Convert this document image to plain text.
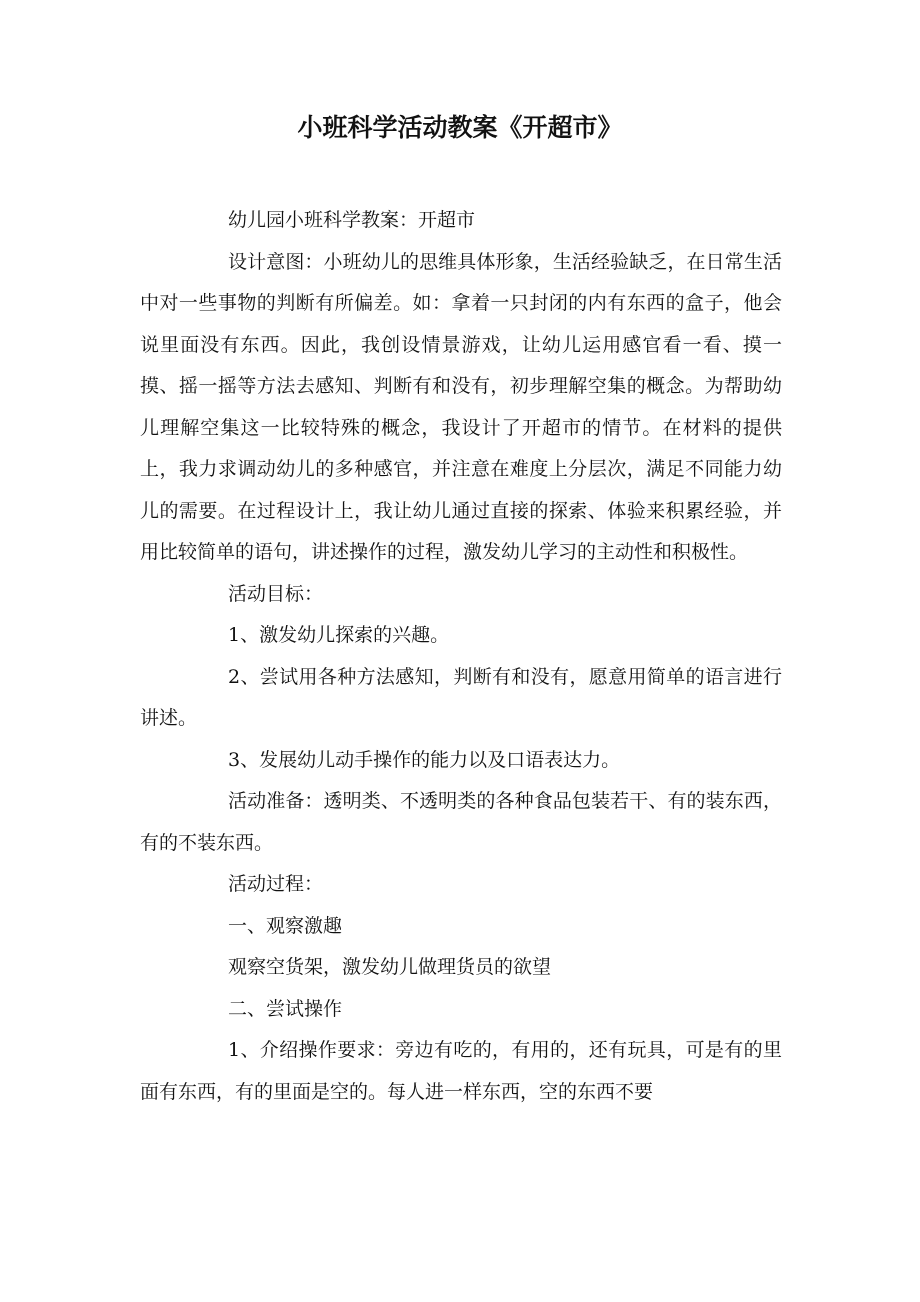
小班科学活动教案《开超市》

幼儿园小班科学教案：开超市

设计意图：小班幼儿的思维具体形象，生活经验缺乏，在日常生活中对一些事物的判断有所偏差。如：拿着一只封闭的内有东西的盒子，他会说里面没有东西。因此，我创设情景游戏，让幼儿运用感官看一看、摸一摸、摇一摇等方法去感知、判断有和没有，初步理解空集的概念。为帮助幼儿理解空集这一比较特殊的概念，我设计了开超市的情节。在材料的提供上，我力求调动幼儿的多种感官，并注意在难度上分层次，满足不同能力幼儿的需要。在过程设计上，我让幼儿通过直接的探索、体验来积累经验，并用比较简单的语句，讲述操作的过程，激发幼儿学习的主动性和积极性。

活动目标：

1、激发幼儿探索的兴趣。

2、尝试用各种方法感知，判断有和没有，愿意用简单的语言进行讲述。

3、发展幼儿动手操作的能力以及口语表达力。

活动准备：透明类、不透明类的各种食品包装若干、有的装东西，有的不装东西。

活动过程：

一、观察激趣

观察空货架，激发幼儿做理货员的欲望

二、尝试操作

1、介绍操作要求：旁边有吃的，有用的，还有玩具，可是有的里面有东西，有的里面是空的。每人进一样东西，空的东西不要
